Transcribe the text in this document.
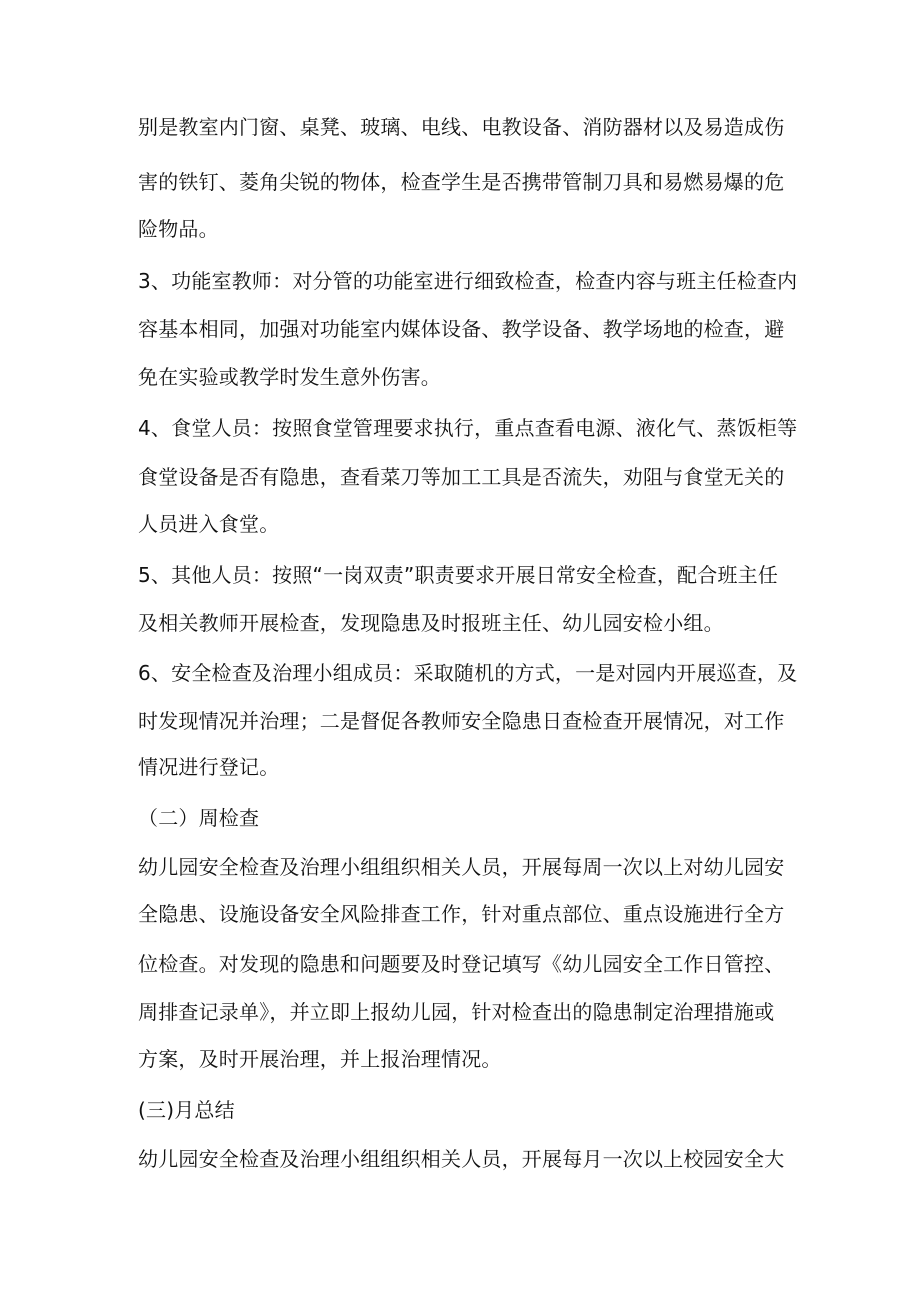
别是教室内门窗、桌凳、玻璃、电线、电教设备、消防器材以及易造成伤
害的铁钉、菱角尖锐的物体，检查学生是否携带管制刀具和易燃易爆的危
险物品。
3、功能室教师：对分管的功能室进行细致检查，检查内容与班主任检查内
容基本相同，加强对功能室内媒体设备、教学设备、教学场地的检查，避
免在实验或教学时发生意外伤害。
4、食堂人员：按照食堂管理要求执行，重点查看电源、液化气、蒸饭柜等
食堂设备是否有隐患，查看菜刀等加工工具是否流失，劝阻与食堂无关的
人员进入食堂。
5、其他人员：按照“一岗双责”职责要求开展日常安全检查，配合班主任
及相关教师开展检查，发现隐患及时报班主任、幼儿园安检小组。
6、安全检查及治理小组成员：采取随机的方式，一是对园内开展巡查，及
时发现情况并治理；二是督促各教师安全隐患日查检查开展情况，对工作
情况进行登记。
（二）周检查
幼儿园安全检查及治理小组组织相关人员，开展每周一次以上对幼儿园安
全隐患、设施设备安全风险排查工作，针对重点部位、重点设施进行全方
位检查。对发现的隐患和问题要及时登记填写《幼儿园安全工作日管控、
周排查记录单》，并立即上报幼儿园，针对检查出的隐患制定治理措施或
方案，及时开展治理，并上报治理情况。
(三)月总结
幼儿园安全检查及治理小组组织相关人员，开展每月一次以上校园安全大
